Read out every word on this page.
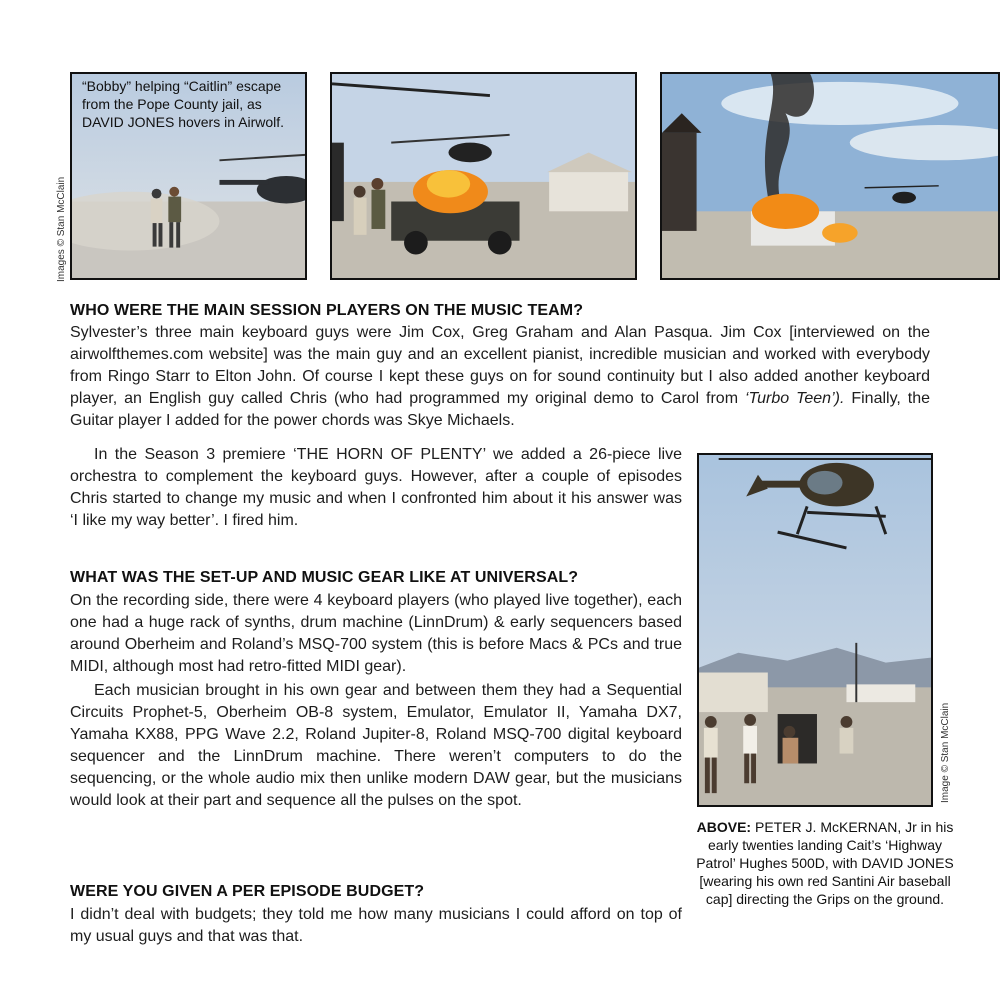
Images © Stan McClain
“Bobby” helping “Caitlin” escape from the Pope County jail, as DAVID JONES hovers in Airwolf.
WHO WERE THE MAIN SESSION PLAYERS ON THE MUSIC TEAM?

Sylvester’s three main keyboard guys were Jim Cox, Greg Graham and Alan Pasqua. Jim Cox [interviewed on the airwolfthemes.com website] was the main guy and an excellent pianist, incredible musician and worked with everybody from Ringo Starr to Elton John. Of course I kept these guys on for sound continuity but I also added another keyboard player, an English guy called Chris (who had programmed my original demo to Carol from ‘Turbo Teen’). Finally, the Guitar player I added for the power chords was Skye Michaels.

In the Season 3 premiere ‘THE HORN OF PLENTY’ we added a 26-piece live orchestra to complement the keyboard guys. However, after a couple of episodes Chris started to change my music and when I confronted him about it his answer was ‘I like my way better’. I fired him.

Image © Stan McClain
ABOVE: PETER J. McKERNAN, Jr in his early twenties landing Cait’s ‘Highway Patrol’ Hughes 500D, with DAVID JONES [wearing his own red Santini Air baseball cap] directing the Grips on the ground.
WHAT WAS THE SET-UP AND MUSIC GEAR LIKE AT UNIVERSAL?

On the recording side, there were 4 keyboard players (who played live together), each one had a huge rack of synths, drum machine (LinnDrum) & early sequencers based around Oberheim and Roland’s MSQ-700 system (this is before Macs & PCs and true MIDI, although most had retro-fitted MIDI gear).

Each musician brought in his own gear and between them they had a Sequential Circuits Prophet-5, Oberheim OB-8 system, Emulator, Emulator II, Yamaha DX7, Yamaha KX88, PPG Wave 2.2, Roland Jupiter-8, Roland MSQ-700 digital keyboard sequencer and the LinnDrum machine. There weren’t computers to do the sequencing, or the whole audio mix then unlike modern DAW gear, but the musicians would look at their part and sequence all the pulses on the spot.

WERE YOU GIVEN A PER EPISODE BUDGET?

I didn’t deal with budgets; they told me how many musicians I could afford on top of my usual guys and that was that.
